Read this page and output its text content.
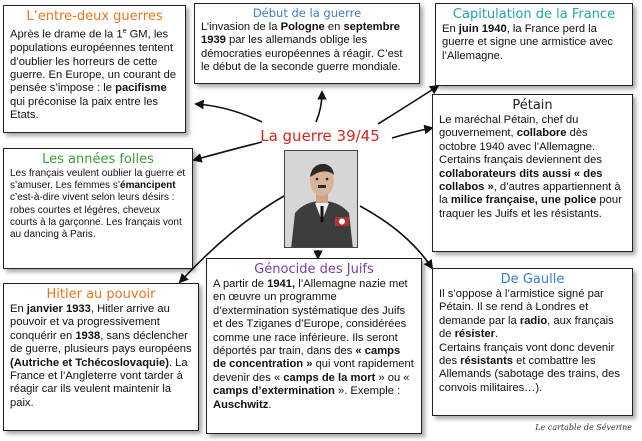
L’entre-deux guerres
Après le drame de la 1e GM, les populations européennes tentent d’oublier les horreurs de cette guerre. En Europe, un courant de pensée s’impose : le pacifisme qui préconise la paix entre les Etats.
Début de la guerre
L’invasion de la Pologne en septembre 1939 par les allemands oblige les démocraties européennes à réagir. C’est le début de la seconde guerre mondiale.
Capitulation de la France
En juin 1940, la France perd la guerre et signe une armistice avec l’Allemagne.
Les années folles
Les français veulent oublier la guerre et s’amuser. Les femmes s’émancipent c’est-à-dire vivent selon leurs désirs : robes courtes et légères, cheveux courts à la garçonne. Les français vont au dancing à Paris.
Pétain
Le maréchal Pétain, chef du gouvernement, collabore dès octobre 1940 avec l’Allemagne. Certains français deviennent des collaborateurs dits aussi « des collabos », d’autres appartiennent à la milice française, une police pour traquer les Juifs et les résistants.
Hitler au pouvoir
En janvier 1933, Hitler arrive au pouvoir et va progressivement conquérir en 1938, sans déclencher de guerre, plusieurs pays européens (Autriche et Tchécoslovaquie). La France et l’Angleterre vont tarder à réagir car ils veulent maintenir la paix.
Génocide des Juifs
A partir de 1941, l’Allemagne nazie met en œuvre un programme d’extermination systématique des Juifs et des Tziganes d’Europe, considérées comme une race inférieure. Ils seront déportés par train, dans des « camps de concentration » qui vont rapidement devenir des « camps de la mort » ou « camps d’extermination ». Exemple : Auschwitz.
De Gaulle
Il s’oppose à l’armistice signé par Pétain. Il se rend à Londres et demande par la radio, aux français de résister.
Certains français vont donc devenir des résistants et combattre les Allemands (sabotage des trains, des convois militaires…).
La guerre 39/45
Le cartable de Séverine
